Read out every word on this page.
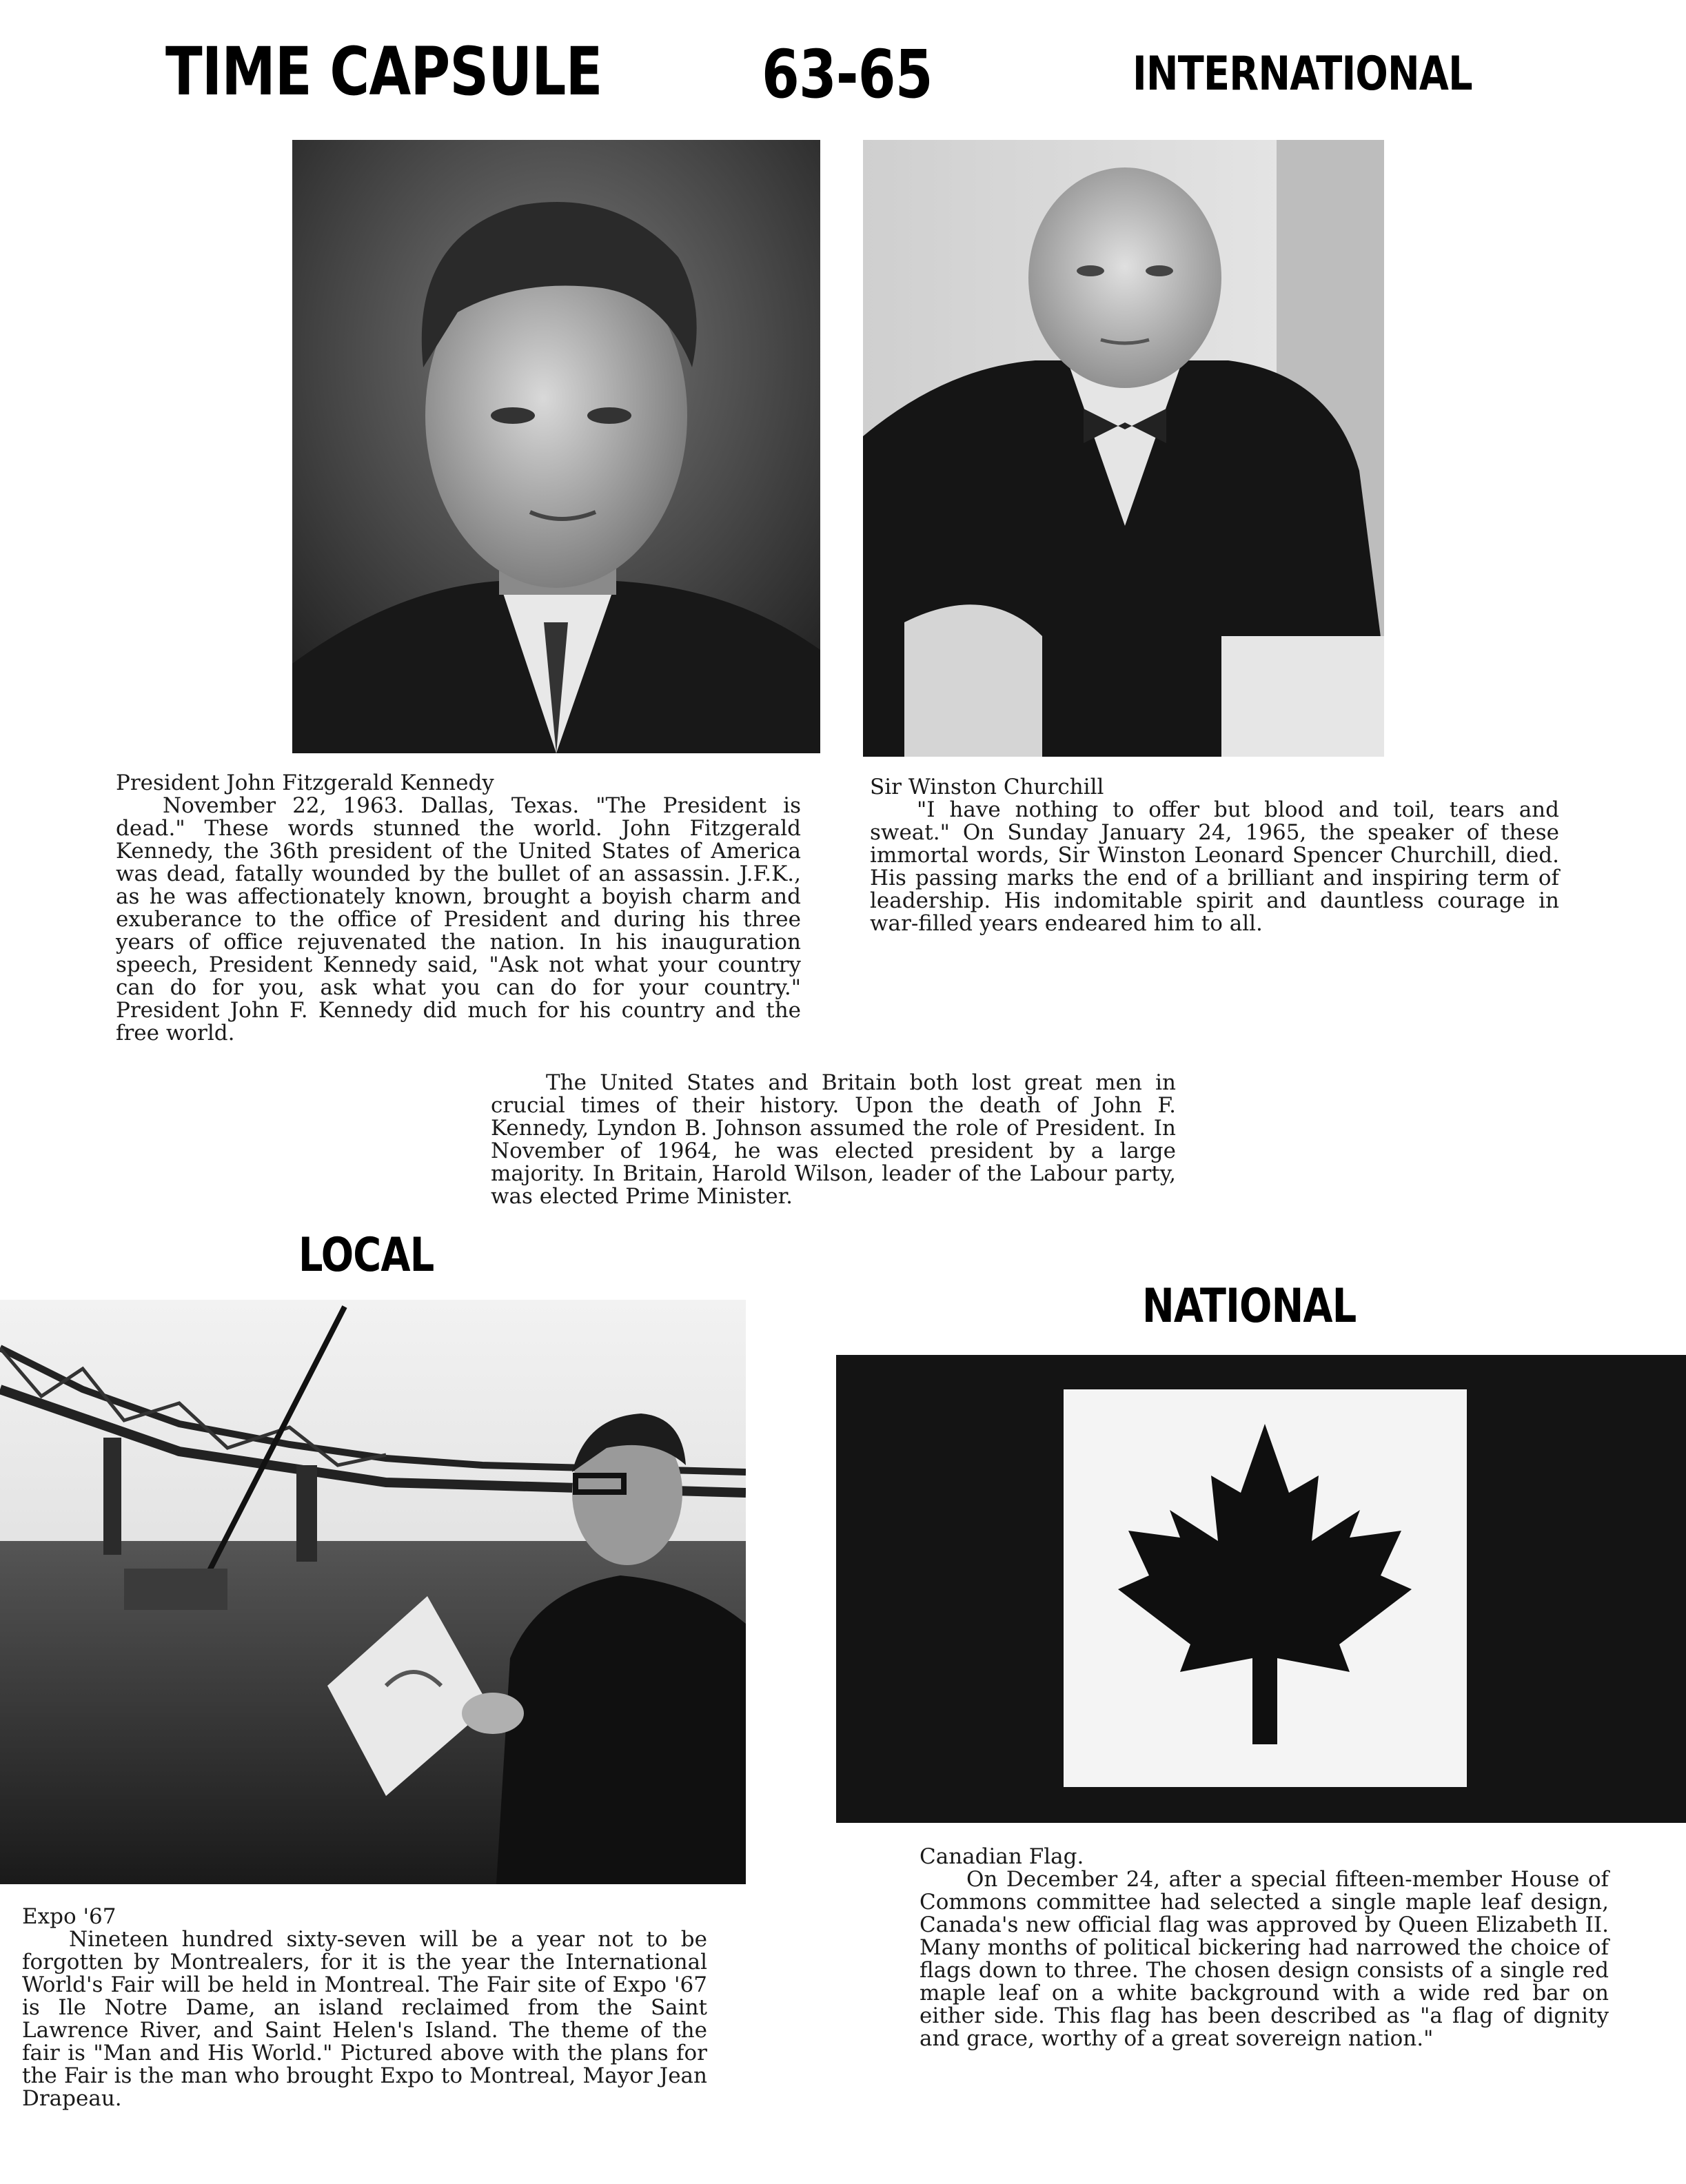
TIME CAPSULE 63-65	INTERNATIONAL
President John Fitzgerald Kennedy
November 22, 1963. Dallas, Texas. "The President is dead." These words stunned the world. John Fitzgerald Kennedy, the 36th president of the United States of America was dead, fatally wounded by the bullet of an assassin. J.F.K., as he was affectionately known, brought a boyish charm and exuberance to the office of President and during his three years of office rejuvenated the nation. In his inauguration speech, President Kennedy said, "Ask not what your country can do for you, ask what you can do for your country." President John F. Kennedy did much for his country and the free world.
Sir Winston Churchill
"I have nothing to offer but blood and toil, tears and sweat." On Sunday January 24, 1965, the speaker of these immortal words, Sir Winston Leonard Spencer Churchill, died. His passing marks the end of a brilliant and inspiring term of leadership. His indomitable spirit and dauntless courage in war-filled years endeared him to all.
The United States and Britain both lost great men in crucial times of their history. Upon the death of John F. Kennedy, Lyndon B. Johnson assumed the role of President. In November of 1964, he was elected president by a large majority. In Britain, Harold Wilson, leader of the Labour party, was elected Prime Minister.
LOCAL
Expo '67
Nineteen hundred sixty-seven will be a year not to be forgotten by Montrealers, for it is the year the International World's Fair will be held in Montreal. The Fair site of Expo '67 is Ile Notre Dame, an island reclaimed from the Saint Lawrence River, and Saint Helen's Island. The theme of the fair is "Man and His World." Pictured above with the plans for the Fair is the man who brought Expo to Montreal, Mayor Jean Drapeau.
NATIONAL
Canadian Flag.
On December 24, after a special fifteen-member House of Commons committee had selected a single maple leaf design, Canada's new official flag was approved by Queen Elizabeth II. Many months of political bickering had narrowed the choice of flags down to three. The chosen design consists of a single red maple leaf on a white background with a wide red bar on either side. This flag has been described as "a flag of dignity and grace, worthy of a great sovereign nation."
